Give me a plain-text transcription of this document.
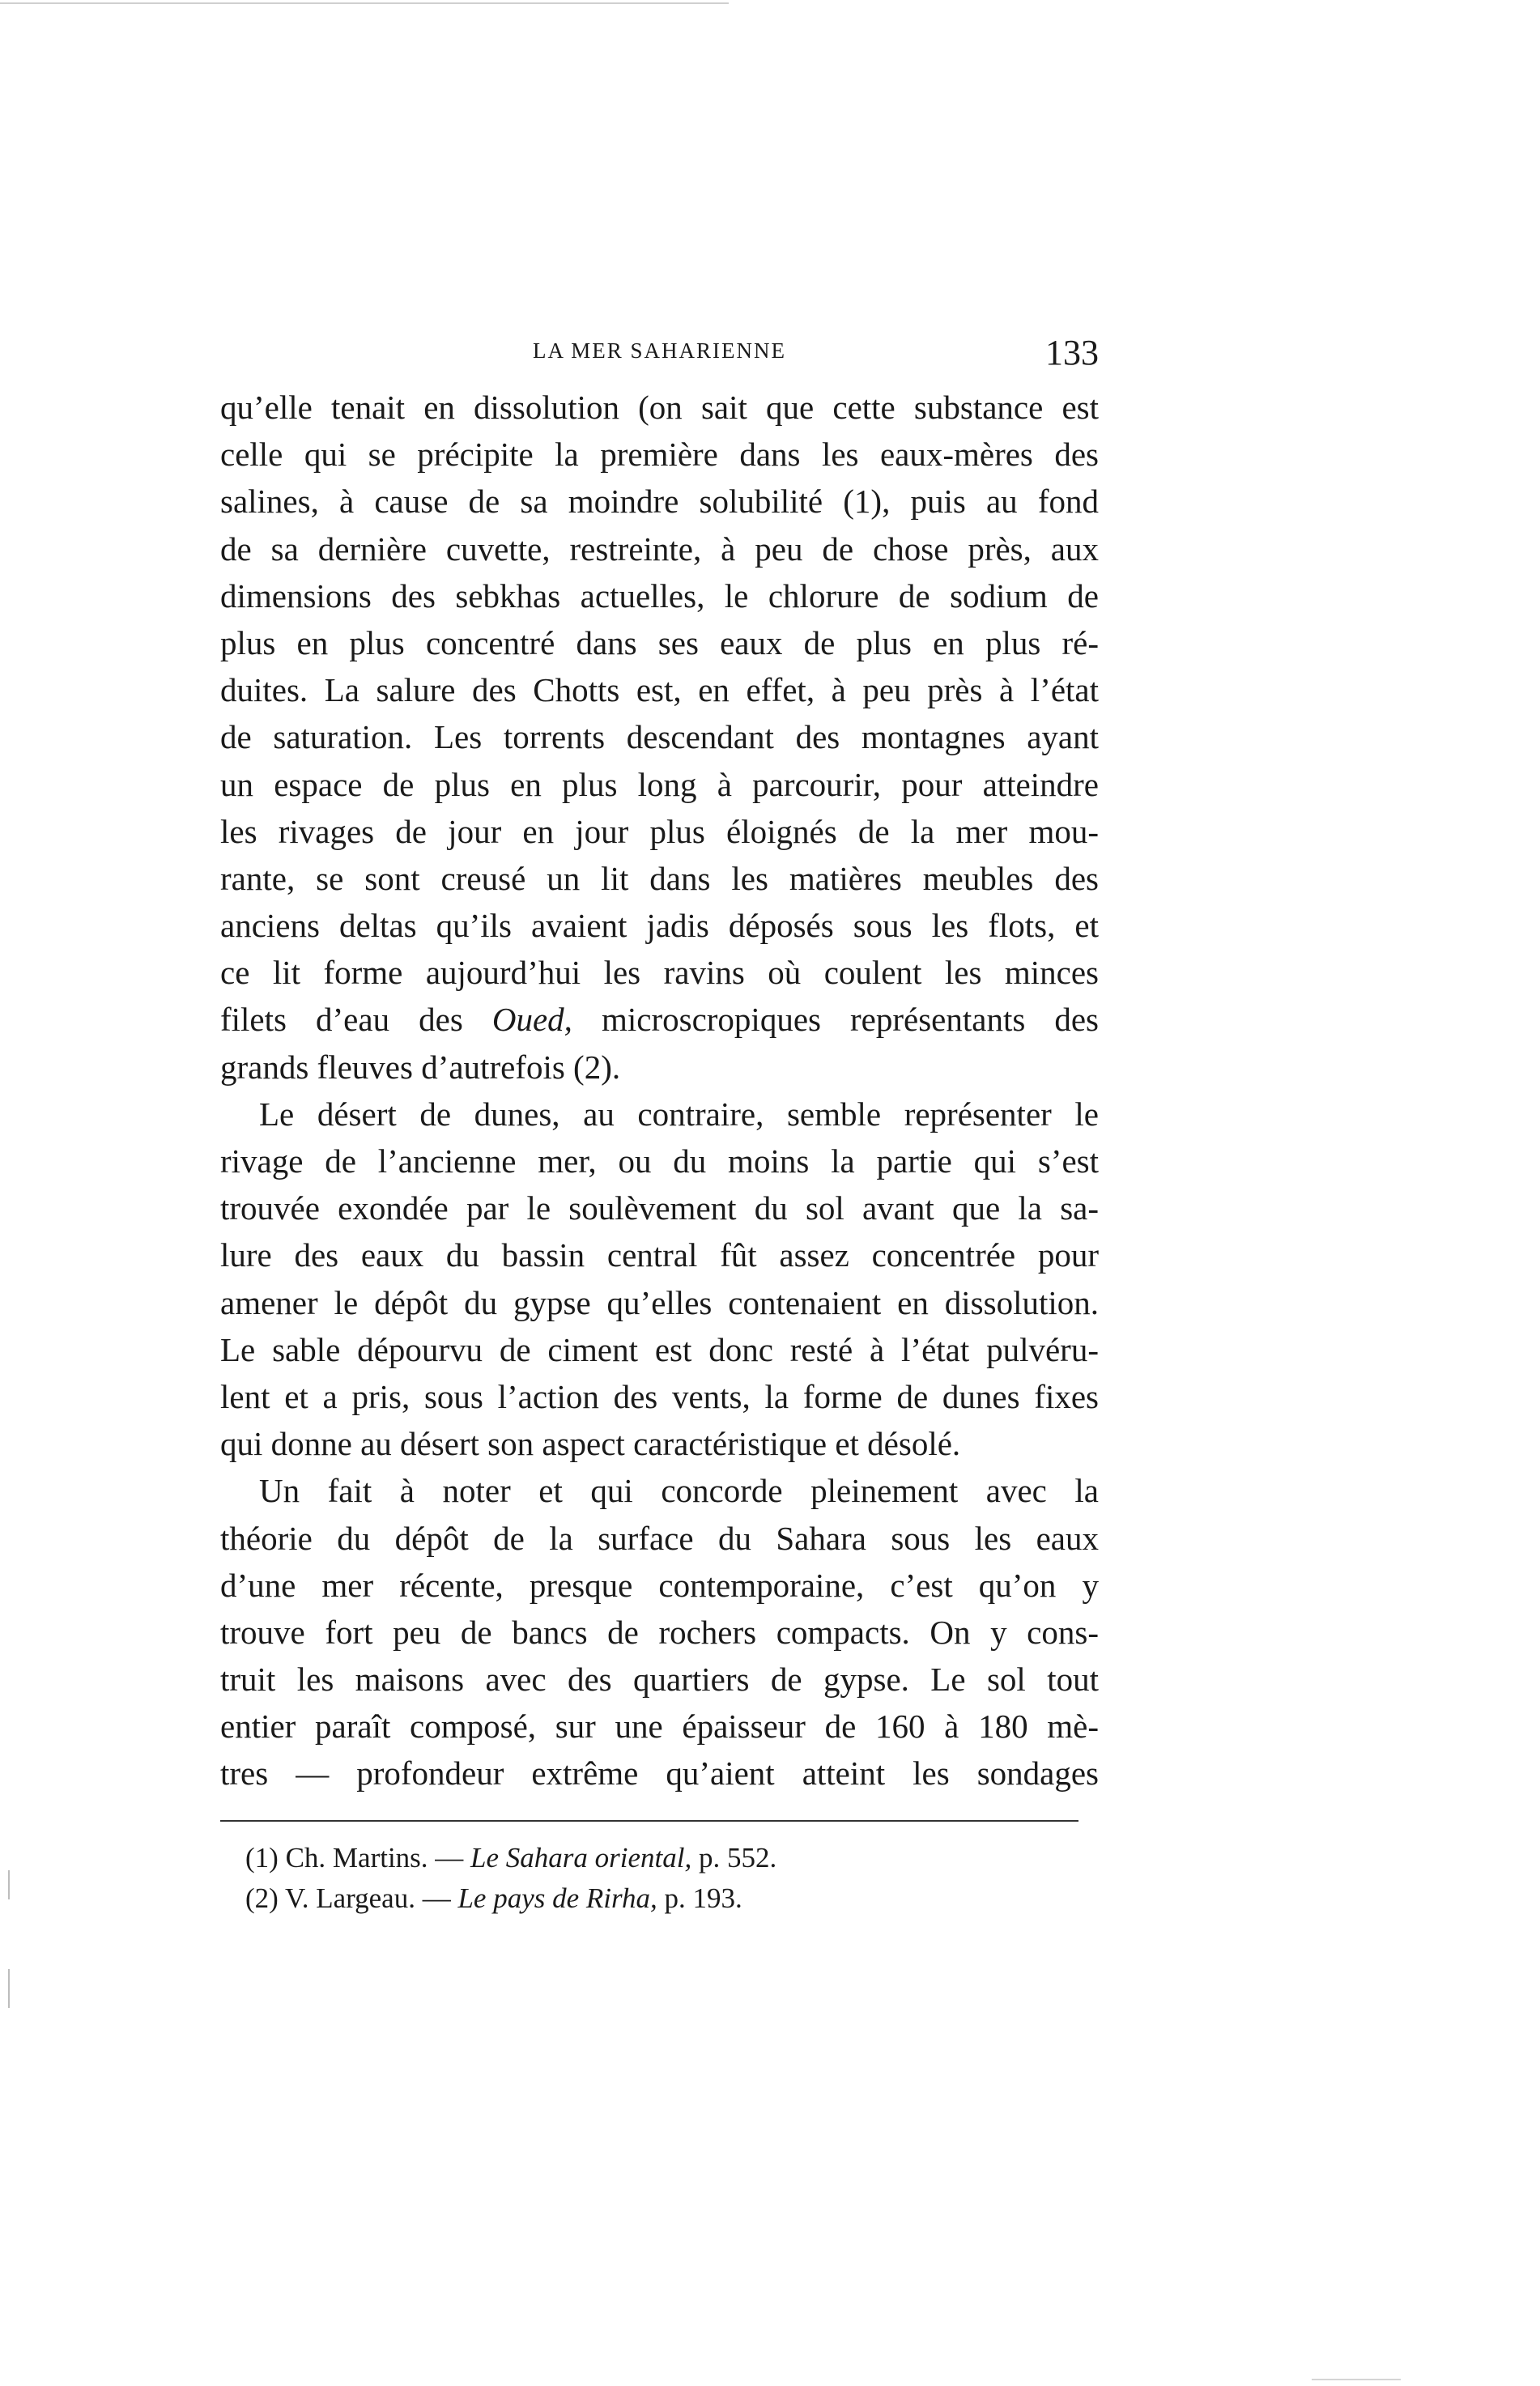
LA MER SAHARIENNE	133
qu’elle tenait en dissolution (on sait que cette substance est
celle qui se précipite la première dans les eaux-mères des
salines, à cause de sa moindre solubilité (1), puis au fond
de sa dernière cuvette, restreinte, à peu de chose près, aux
dimensions des sebkhas actuelles, le chlorure de sodium de
plus en plus concentré dans ses eaux de plus en plus ré-
duites. La salure des Chotts est, en effet, à peu près à l’état
de saturation. Les torrents descendant des montagnes ayant
un espace de plus en plus long à parcourir, pour atteindre
les rivages de jour en jour plus éloignés de la mer mou-
rante, se sont creusé un lit dans les matières meubles des
anciens deltas qu’ils avaient jadis déposés sous les flots, et
ce lit forme aujourd’hui les ravins où coulent les minces
filets d’eau des Oued, microscropiques représentants des
grands fleuves d’autrefois (2).
Le désert de dunes, au contraire, semble représenter le
rivage de l’ancienne mer, ou du moins la partie qui s’est
trouvée exondée par le soulèvement du sol avant que la sa-
lure des eaux du bassin central fût assez concentrée pour
amener le dépôt du gypse qu’elles contenaient en dissolution.
Le sable dépourvu de ciment est donc resté à l’état pulvéru-
lent et a pris, sous l’action des vents, la forme de dunes fixes
qui donne au désert son aspect caractéristique et désolé.
Un fait à noter et qui concorde pleinement avec la
théorie du dépôt de la surface du Sahara sous les eaux
d’une mer récente, presque contemporaine, c’est qu’on y
trouve fort peu de bancs de rochers compacts. On y cons-
truit les maisons avec des quartiers de gypse. Le sol tout
entier paraît composé, sur une épaisseur de 160 à 180 mè-
tres — profondeur extrême qu’aient atteint les sondages
(1) Ch. Martins. — Le Sahara oriental, p. 552.
(2) V. Largeau. — Le pays de Rirha, p. 193.
